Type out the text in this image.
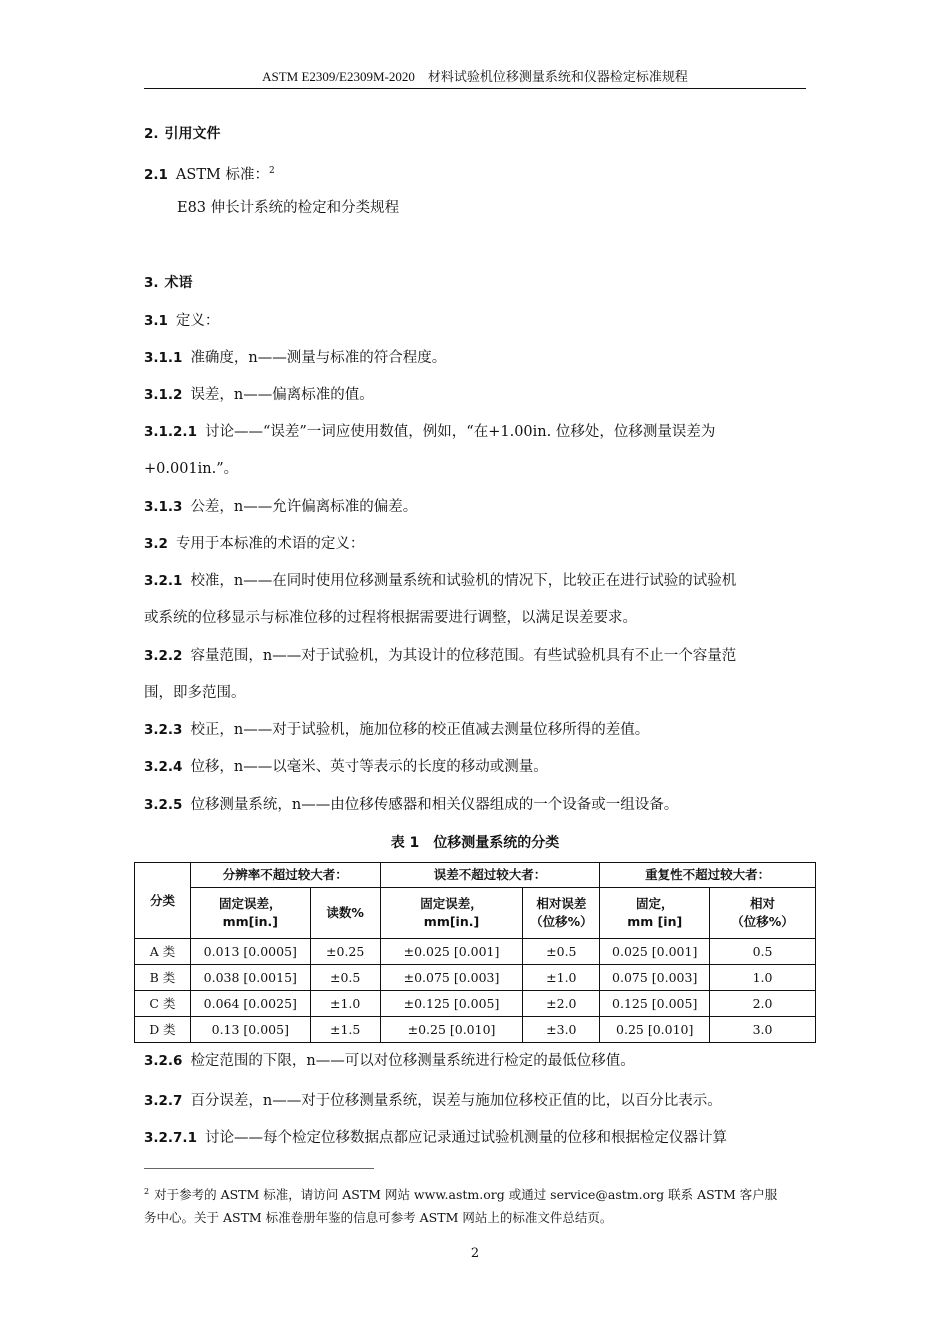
ASTM E2309/E2309M-2020　材料试验机位移测量系统和仪器检定标准规程
2. 引用文件
2.1 ASTM 标准：$^2$
E83 伸长计系统的检定和分类规程
3. 术语
3.1 定义：
3.1.1 准确度，n——测量与标准的符合程度。
3.1.2 误差，n——偏离标准的值。
3.1.2.1 讨论——“误差”一词应使用数值，例如，“在+1.00in. 位移处，位移测量误差为
+0.001in.”。
3.1.3 公差，n——允许偏离标准的偏差。
3.2 专用于本标准的术语的定义：
3.2.1 校准，n——在同时使用位移测量系统和试验机的情况下，比较正在进行试验的试验机
或系统的位移显示与标准位移的过程将根据需要进行调整，以满足误差要求。
3.2.2 容量范围，n——对于试验机，为其设计的位移范围。有些试验机具有不止一个容量范
围，即多范围。
3.2.3 校正，n——对于试验机，施加位移的校正值减去测量位移所得的差值。
3.2.4 位移，n——以毫米、英寸等表示的长度的移动或测量。
3.2.5 位移测量系统，n——由位移传感器和相关仪器组成的一个设备或一组设备。
表 1 位移测量系统的分类
分类	分辨率不超过较大者：		误差不超过较大者：		重复性不超过较大者：	
	固定误差，
mm[in.]	读数%	固定误差，
mm[in.]	相对误差
（位移%）	固定，
mm [in]	相对
（位移%）
A 类	0.013 [0.0005]	±0.25	±0.025 [0.001]	±0.5	0.025 [0.001]	0.5
B 类	0.038 [0.0015]	±0.5	±0.075 [0.003]	±1.0	0.075 [0.003]	1.0
C 类	0.064 [0.0025]	±1.0	±0.125 [0.005]	±2.0	0.125 [0.005]	2.0
D 类	0.13 [0.005]	±1.5	±0.25 [0.010]	±3.0	0.25 [0.010]	3.0
3.2.6 检定范围的下限，n——可以对位移测量系统进行检定的最低位移值。
3.2.7 百分误差，n——对于位移测量系统，误差与施加位移校正值的比，以百分比表示。
3.2.7.1 讨论——每个检定位移数据点都应记录通过试验机测量的位移和根据检定仪器计算
$^2$ 对于参考的 ASTM 标准，请访问 ASTM 网站 www.astm.org 或通过 service@astm.org 联系 ASTM 客户服
务中心。关于 ASTM 标准卷册年鉴的信息可参考 ASTM 网站上的标准文件总结页。
2
